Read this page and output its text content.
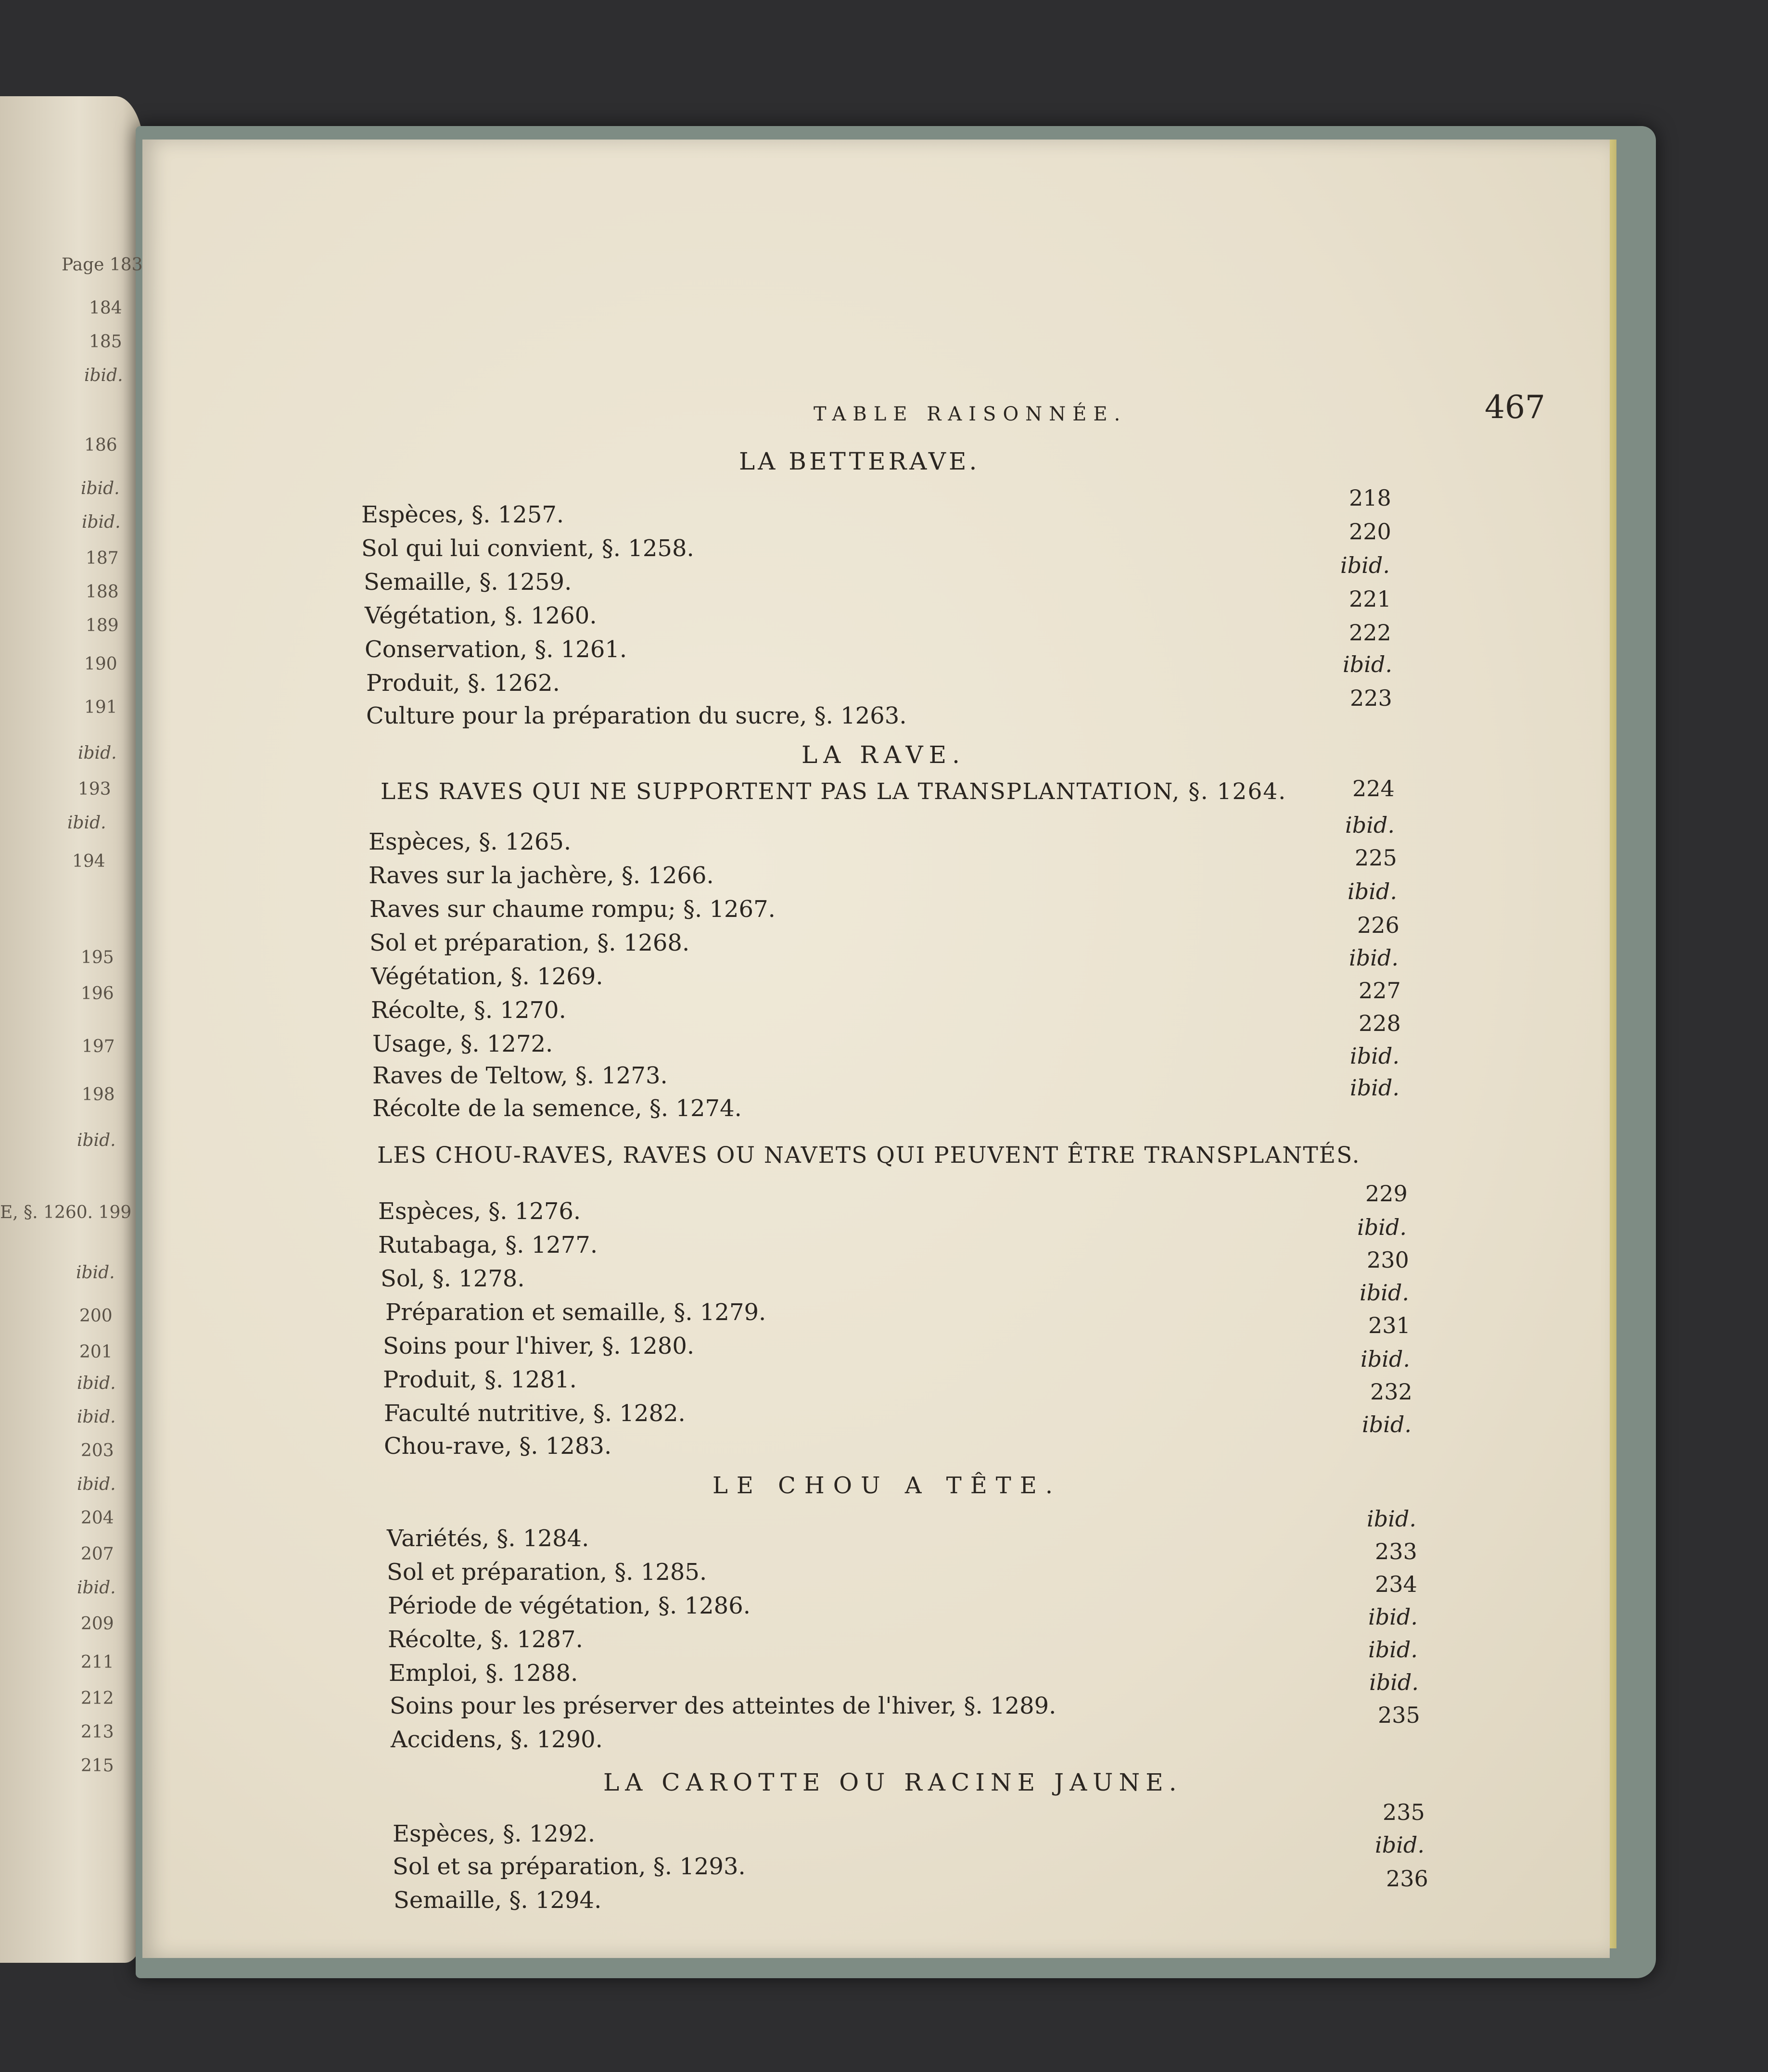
TABLE RAISONNÉE.	467
LA BETTERAVE.
Espèces, §. 1257.
Sol qui lui convient, §. 1258.
Semaille, §. 1259.
Végétation, §. 1260.
Conservation, §. 1261.
Produit, §. 1262.
Culture pour la préparation du sucre, §. 1263.
218
220
ibid.
221
222
ibid.
223
LA RAVE.
LES RAVES QUI NE SUPPORTENT PAS LA TRANSPLANTATION, §. 1264.	224
Espèces, §. 1265.
Raves sur la jachère, §. 1266.
Raves sur chaume rompu; §. 1267.
Sol et préparation, §. 1268.
Végétation, §. 1269.
Récolte, §. 1270.
Usage, §. 1272.
Raves de Teltow, §. 1273.
Récolte de la semence, §. 1274.
ibid.
225
ibid.
226
ibid.
227
228
ibid.
ibid.
LES CHOU-RAVES, RAVES OU NAVETS QUI PEUVENT ÊTRE TRANSPLANTÉS.
Espèces, §. 1276.
Rutabaga, §. 1277.
Sol, §. 1278.
Préparation et semaille, §. 1279.
Soins pour l'hiver, §. 1280.
Produit, §. 1281.
Faculté nutritive, §. 1282.
Chou-rave, §. 1283.
229
ibid.
230
ibid.
231
ibid.
232
ibid.
LE CHOU A TÊTE.
Variétés, §. 1284.
Sol et préparation, §. 1285.
Période de végétation, §. 1286.
Récolte, §. 1287.
Emploi, §. 1288.
Soins pour les préserver des atteintes de l'hiver, §. 1289.
Accidens, §. 1290.
ibid.
233
234
ibid.
ibid.
ibid.
235
LA CAROTTE OU RACINE JAUNE.
Espèces, §. 1292.
Sol et sa préparation, §. 1293.
Semaille, §. 1294.
235
ibid.
236
Page 183
184
185
ibid.
186
ibid.
ibid.
187
188
189
190
191
ibid.
193
ibid.
194
195
196
197
198
ibid.
E, §. 1260. 199
ibid.
200
201
ibid.
ibid.
203
ibid.
204
207
ibid.
209
211
212
213
215
